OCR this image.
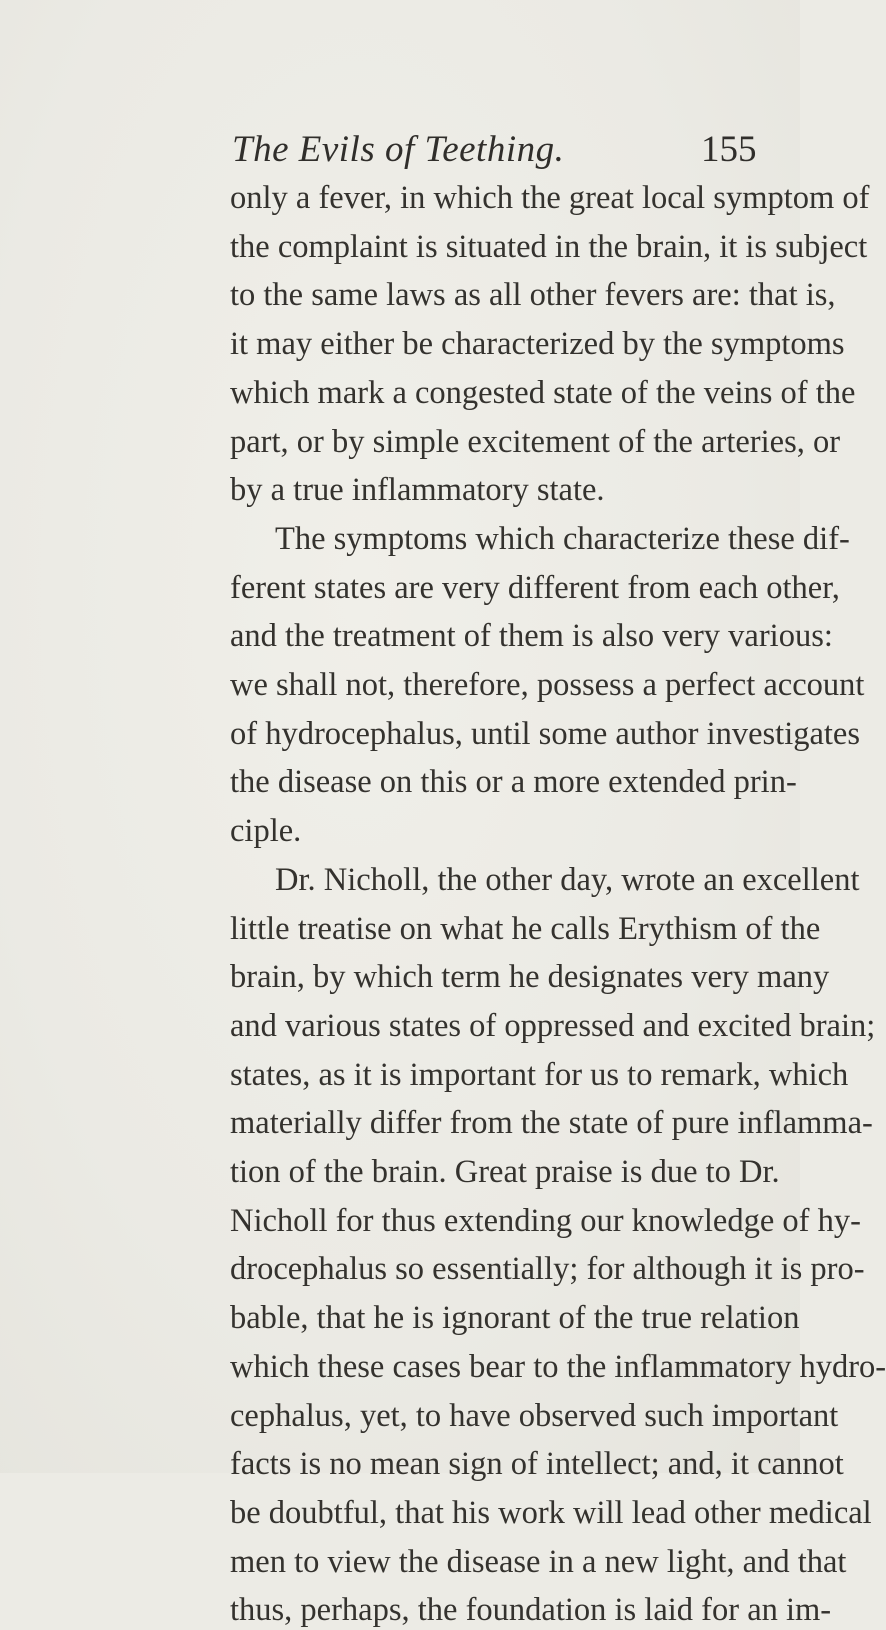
The Evils of Teething.	155
only a fever, in which the great local symptom of
the complaint is situated in the brain, it is subject
to the same laws as all other fevers are: that is,
it may either be characterized by the symptoms
which mark a congested state of the veins of the
part, or by simple excitement of the arteries, or
by a true inflammatory state.
The symptoms which characterize these dif-
ferent states are very different from each other,
and the treatment of them is also very various:
we shall not, therefore, possess a perfect account
of hydrocephalus, until some author investigates
the disease on this or a more extended prin-
ciple.
Dr. Nicholl, the other day, wrote an excellent
little treatise on what he calls Erythism of the
brain, by which term he designates very many
and various states of oppressed and excited brain;
states, as it is important for us to remark, which
materially differ from the state of pure inflamma-
tion of the brain. Great praise is due to Dr.
Nicholl for thus extending our knowledge of hy-
drocephalus so essentially; for although it is pro-
bable, that he is ignorant of the true relation
which these cases bear to the inflammatory hydro-
cephalus, yet, to have observed such important
facts is no mean sign of intellect; and, it cannot
be doubtful, that his work will lead other medical
men to view the disease in a new light, and that
thus, perhaps, the foundation is laid for an im-
